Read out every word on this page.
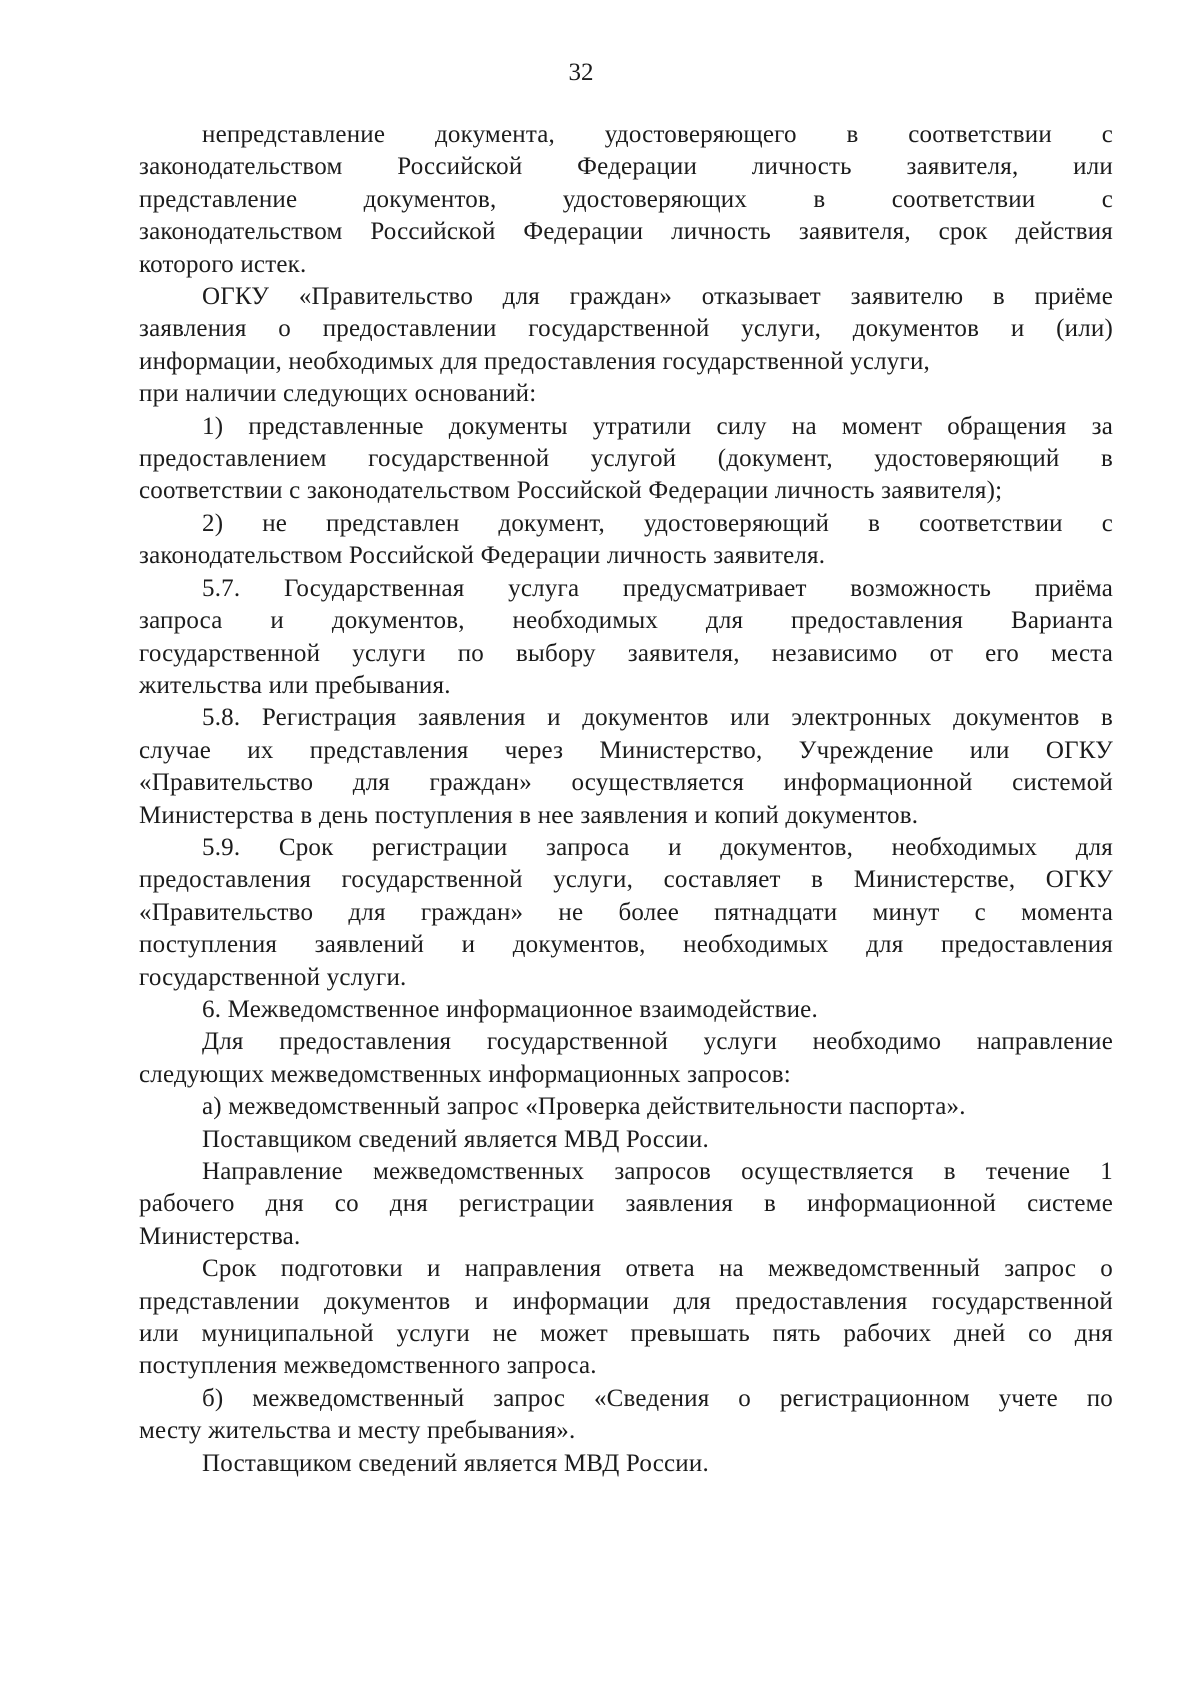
32

непредставление документа, удостоверяющего в соответствии с
законодательством Российской Федерации личность заявителя, или
представление документов, удостоверяющих в соответствии с
законодательством Российской Федерации личность заявителя, срок действия
которого истек.

ОГКУ «Правительство для граждан» отказывает заявителю в приёме
заявления о предоставлении государственной услуги, документов и (или)
информации, необходимых для предоставления государственной услуги,
при наличии следующих оснований:

1) представленные документы утратили силу на момент обращения за
предоставлением государственной услугой (документ, удостоверяющий в
соответствии с законодательством Российской Федерации личность заявителя);

2) не представлен документ, удостоверяющий в соответствии с
законодательством Российской Федерации личность заявителя.

5.7. Государственная услуга предусматривает возможность приёма
запроса и документов, необходимых для предоставления Варианта
государственной услуги по выбору заявителя, независимо от его места
жительства или пребывания.

5.8. Регистрация заявления и документов или электронных документов в
случае их представления через Министерство, Учреждение или ОГКУ
«Правительство для граждан» осуществляется информационной системой
Министерства в день поступления в нее заявления и копий документов.

5.9. Срок регистрации запроса и документов, необходимых для
предоставления государственной услуги, составляет в Министерстве, ОГКУ
«Правительство для граждан» не более пятнадцати минут с момента
поступления заявлений и документов, необходимых для предоставления
государственной услуги.

6. Межведомственное информационное взаимодействие.

Для предоставления государственной услуги необходимо направление
следующих межведомственных информационных запросов:

а) межведомственный запрос «Проверка действительности паспорта».

Поставщиком сведений является МВД России.

Направление межведомственных запросов осуществляется в течение 1
рабочего дня со дня регистрации заявления в информационной системе
Министерства.

Срок подготовки и направления ответа на межведомственный запрос о
представлении документов и информации для предоставления государственной
или муниципальной услуги не может превышать пять рабочих дней со дня
поступления межведомственного запроса.

б) межведомственный запрос «Сведения о регистрационном учете по
месту жительства и месту пребывания».

Поставщиком сведений является МВД России.
